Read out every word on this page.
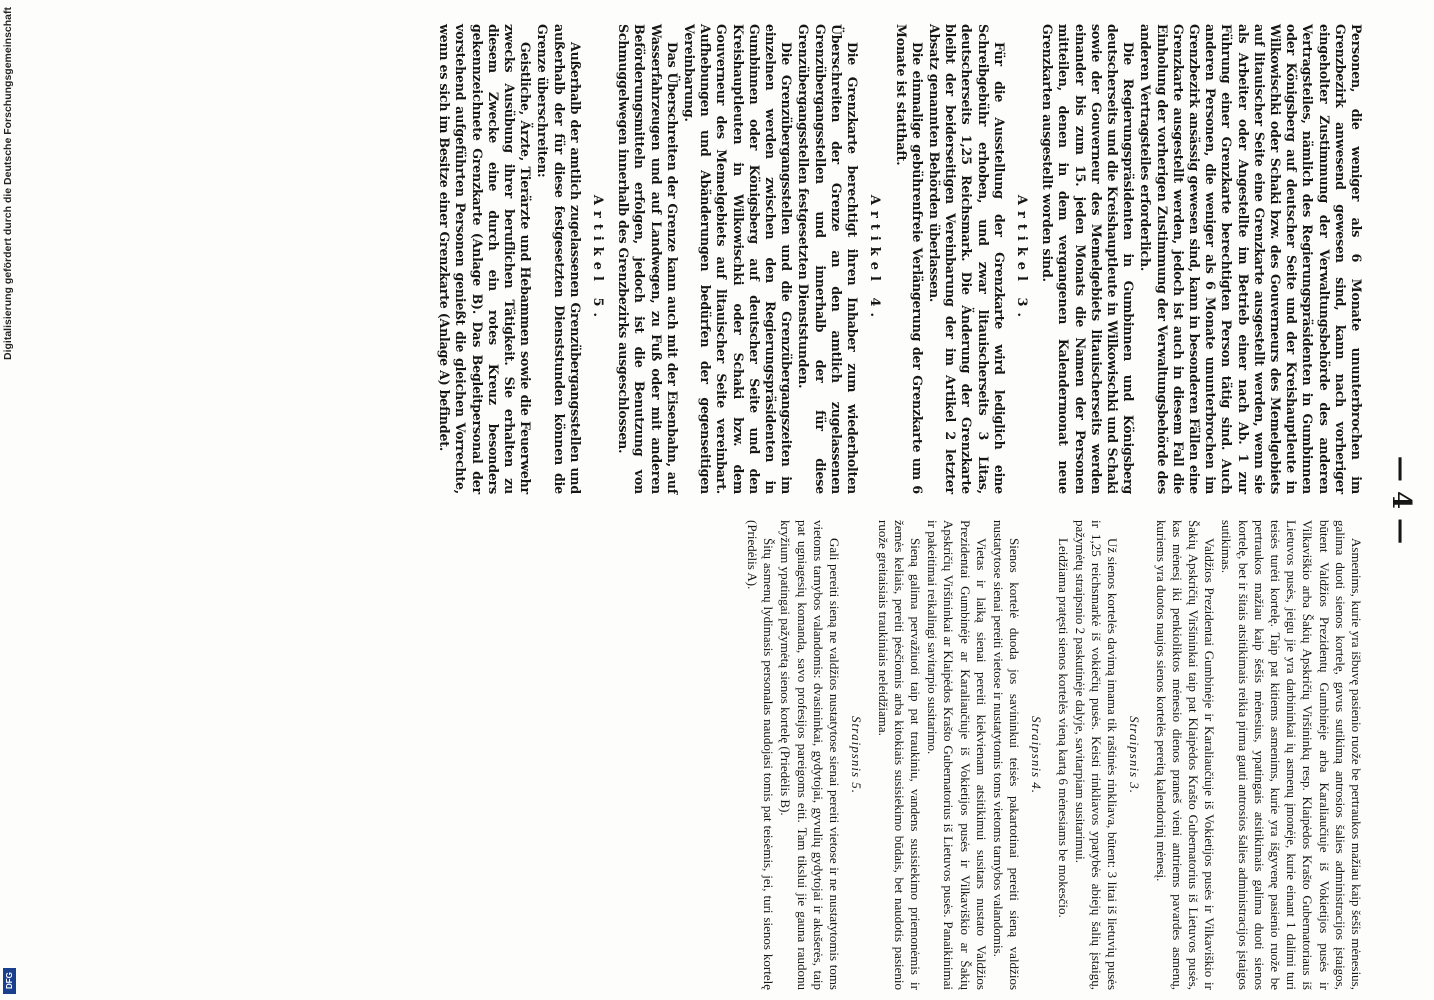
— 4 —

Personen, die weniger als 6 Monate ununterbrochen im Grenzbezirk anwesend gewesen sind, kann nach vorheriger eingeholter Zustimmung der Verwaltungsbehörde des anderen Vertragsteiles, nämlich des Regierungspräsidenten in Gumbinnen oder Königsberg auf deutscher Seite und der Kreishauptleute in Wilkowischki oder Schaki bzw. des Gouverneurs des Memelgebiets auf litauischer Seite eine Grenzkarte ausgestellt werden, wenn sie als Arbeiter oder Angestellte im Betrieb einer nach Ab. 1 zur Führung einer Grenzkarte berechtigten Person tätig sind. Auch anderen Personen, die weniger als 6 Monate ununterbrochen im Grenzbezirk ansässig gewesen sind, kann in besonderen Fällen eine Grenzkarte ausgestellt werden, jedoch ist auch in diesem Fall die Einholung der vorherigen Zustimmung der Verwaltungsbehörde des anderen Vertragsteiles erforderlich.

Die Regierungspräsidenten in Gumbinnen und Königsberg deutscherseits und die Kreishauptleute in Wilkowischki und Schaki sowie der Gouverneur des Memelgebiets litauischerseits werden einander bis zum 15. jeden Monats die Namen der Personen mitteilen, denen in dem vergangenen Kalendermonat neue Grenzkarten ausgestellt worden sind.

Artikel 3.

Für die Ausstellung der Grenzkarte wird lediglich eine Schreibgebühr erhoben, und zwar litauischerseits 3 Litas, deutscherseits 1,25 Reichsmark. Die Änderung der Grenzkarte bleibt der beiderseitigen Vereinbarung der im Artikel 2 letzter Absatz genannten Behörden überlassen.

Die einmalige gebührenfreie Verlängerung der Grenzkarte um 6 Monate ist statthaft.

Artikel 4.

Die Grenzkarte berechtigt ihren Inhaber zum wiederholten Überschreiten der Grenze an den amtlich zugelassenen Grenzübergangsstellen und innerhalb der für diese Grenzübergangsstellen festgesetzten Dienststunden.

Die Grenzübergangsstellen und die Grenzübergangszeiten im einzelnen werden zwischen den Regierungspräsidenten in Gumbinnen oder Königsberg auf deutscher Seite und den Kreishauptleuten in Wilkowischki oder Schaki bzw. dem Gouverneur des Memelgebiets auf litauischer Seite vereinbart. Aufhebungen und Abänderungen bedürfen der gegenseitigen Vereinbarung.

Das Überschreiten der Grenze kann auch mit der Eisenbahn, auf Wasserfahrzeugen und auf Landwegen, zu Fuß oder mit anderen Beförderungsmitteln erfolgen, jedoch ist die Benutzung von Schmuggelwegen innerhalb des Grenzbezirks ausgeschlossen.

Artikel 5.

Außerhalb der amtlich zugelassenen Grenzübergangsstellen und außerhalb der für diese festgesetzten Dienststunden können die Grenze überschreiten:

Geistliche, Ärzte, Tierärzte und Hebammen sowie die Feuerwehr zwecks Ausübung ihrer beruflichen Tätigkeit. Sie erhalten zu diesem Zwecke eine durch ein rotes Kreuz besonders gekennzeichnete Grenzkarte (Anlage B). Das Begleitpersonal der vorstehend aufgeführten Personen genießt die gleichen Vorrechte, wenn es sich im Besitze einer Grenzkarte (Anlage A) befindet.

Asmenims, kurie yra išbuvę pasienio ruože be pertraukos mažiau kaip šešis mėnesius, galima duoti sienos kortelę, gavus sutikimą antrosios šalies administracijos įstaigos, būtent Valdžios Prezidentų Gumbinėje arba Karaliaučiuje iš Vokietijos pusės ir Vilkaviškio arba Šakių Apskričių Viršininkų resp. Klaipėdos Krašto Gubernatoriaus iš Lietuvos pusės, jeigu jie yra darbininkai ių asmenų įmonėje, kurie einant 1 dalimi turi teisės turėti kortelę. Taip pat kitiems asmenims, kurie yra išgyvenę pasienio ruože be pertraukos mažiau kaip šešis mėnesius, ypatingais atsitikimais galima duoti sienos kortelę, bet ir šitais atsitikimais reikia pirma gauti antrosios šalies administracijos įstaigos sutikimas.

Valdžios Prezidentai Gumbinėje ir Karaliaučiuje iš Vokietijos pusės ir Vilkaviškio ir Šakių Apskričių Viršininkai taip pat Klaipėdos Krašto Gubernatorius iš Lietuvos pusės, kas mėnesį iki penkioliktos mėnesio dienos praneš vieni antriems pavardes asmenų, kuriems yra duotos naujos sienos kortelės pereitą kalendorinį mėnesį.

Straipsnis 3.

Už sienos kortelės davimą imama tik raštinės rinkliava, būtent: 3 litai iš lietuvių pusės ir 1,25 reichsmarkė iš vokiečių pusės. Keisti rinkliavos ypatybės abiejų šalių įstaigų, pažymėtų straipsnio 2 paskutinėje dalyje, savitarpiam susitarimui.

Leidžiama pratęsti sienos kortelės vieną kartą 6 mėnesiams be mokesčio.

Straipsnis 4.

Sienos kortelė duoda jos savininkui teisės pakartotinai pereiti sieną valdžios nustatytose sienai pereiti vietose ir nustatytomis toms vietoms tarnybos valandomis.

Vietas ir laiką sienai pereiti kiekvienam atsitikimui susitars nustato Valdžios Prezidentai Gumbinėje ar Karaliaučiuje iš Vokietijos pusės ir Vilkaviškio ar Šakių Apskričių Viršininkai ar Klaipėdos Krašto Gubernatorius iš Lietuvos pusės. Panaikinimai ir pakeitimai reikalingi savitarpio susitarimo.

Sieną galima pervažiuoti taip pat traukiniu, vandens susisiekimo priemonėmis ir žemės keliais, pereiti pėsčiomis arba kitokiais susisiekimo būdais, bet naudotis pasienio ruože greitaisiais traukiniais neleidžiama.

Straipsnis 5.

Gali pereiti sieną ne valdžios nustatytose sienai pereiti vietose ir ne nustatytomis toms vietoms tarnybos valandomis: dvasininkai, gydytojai, gyvulių gydytojai ir akušerės, taip pat ugniagesių komanda, savo profesijos pareigoms eiti. Tam tikslui jie gauna raudonu kryžium ypatingai pažymėtą sienos kortelę (Priedėlis B).

Šitų asmenų lydimasis personalas naudojasi tomis pat teisėmis, jei, turi sienos kortelę (Priedėlis A).

Digitalisierung gefördert durch die Deutsche Forschungsgemeinschaft
DFG
